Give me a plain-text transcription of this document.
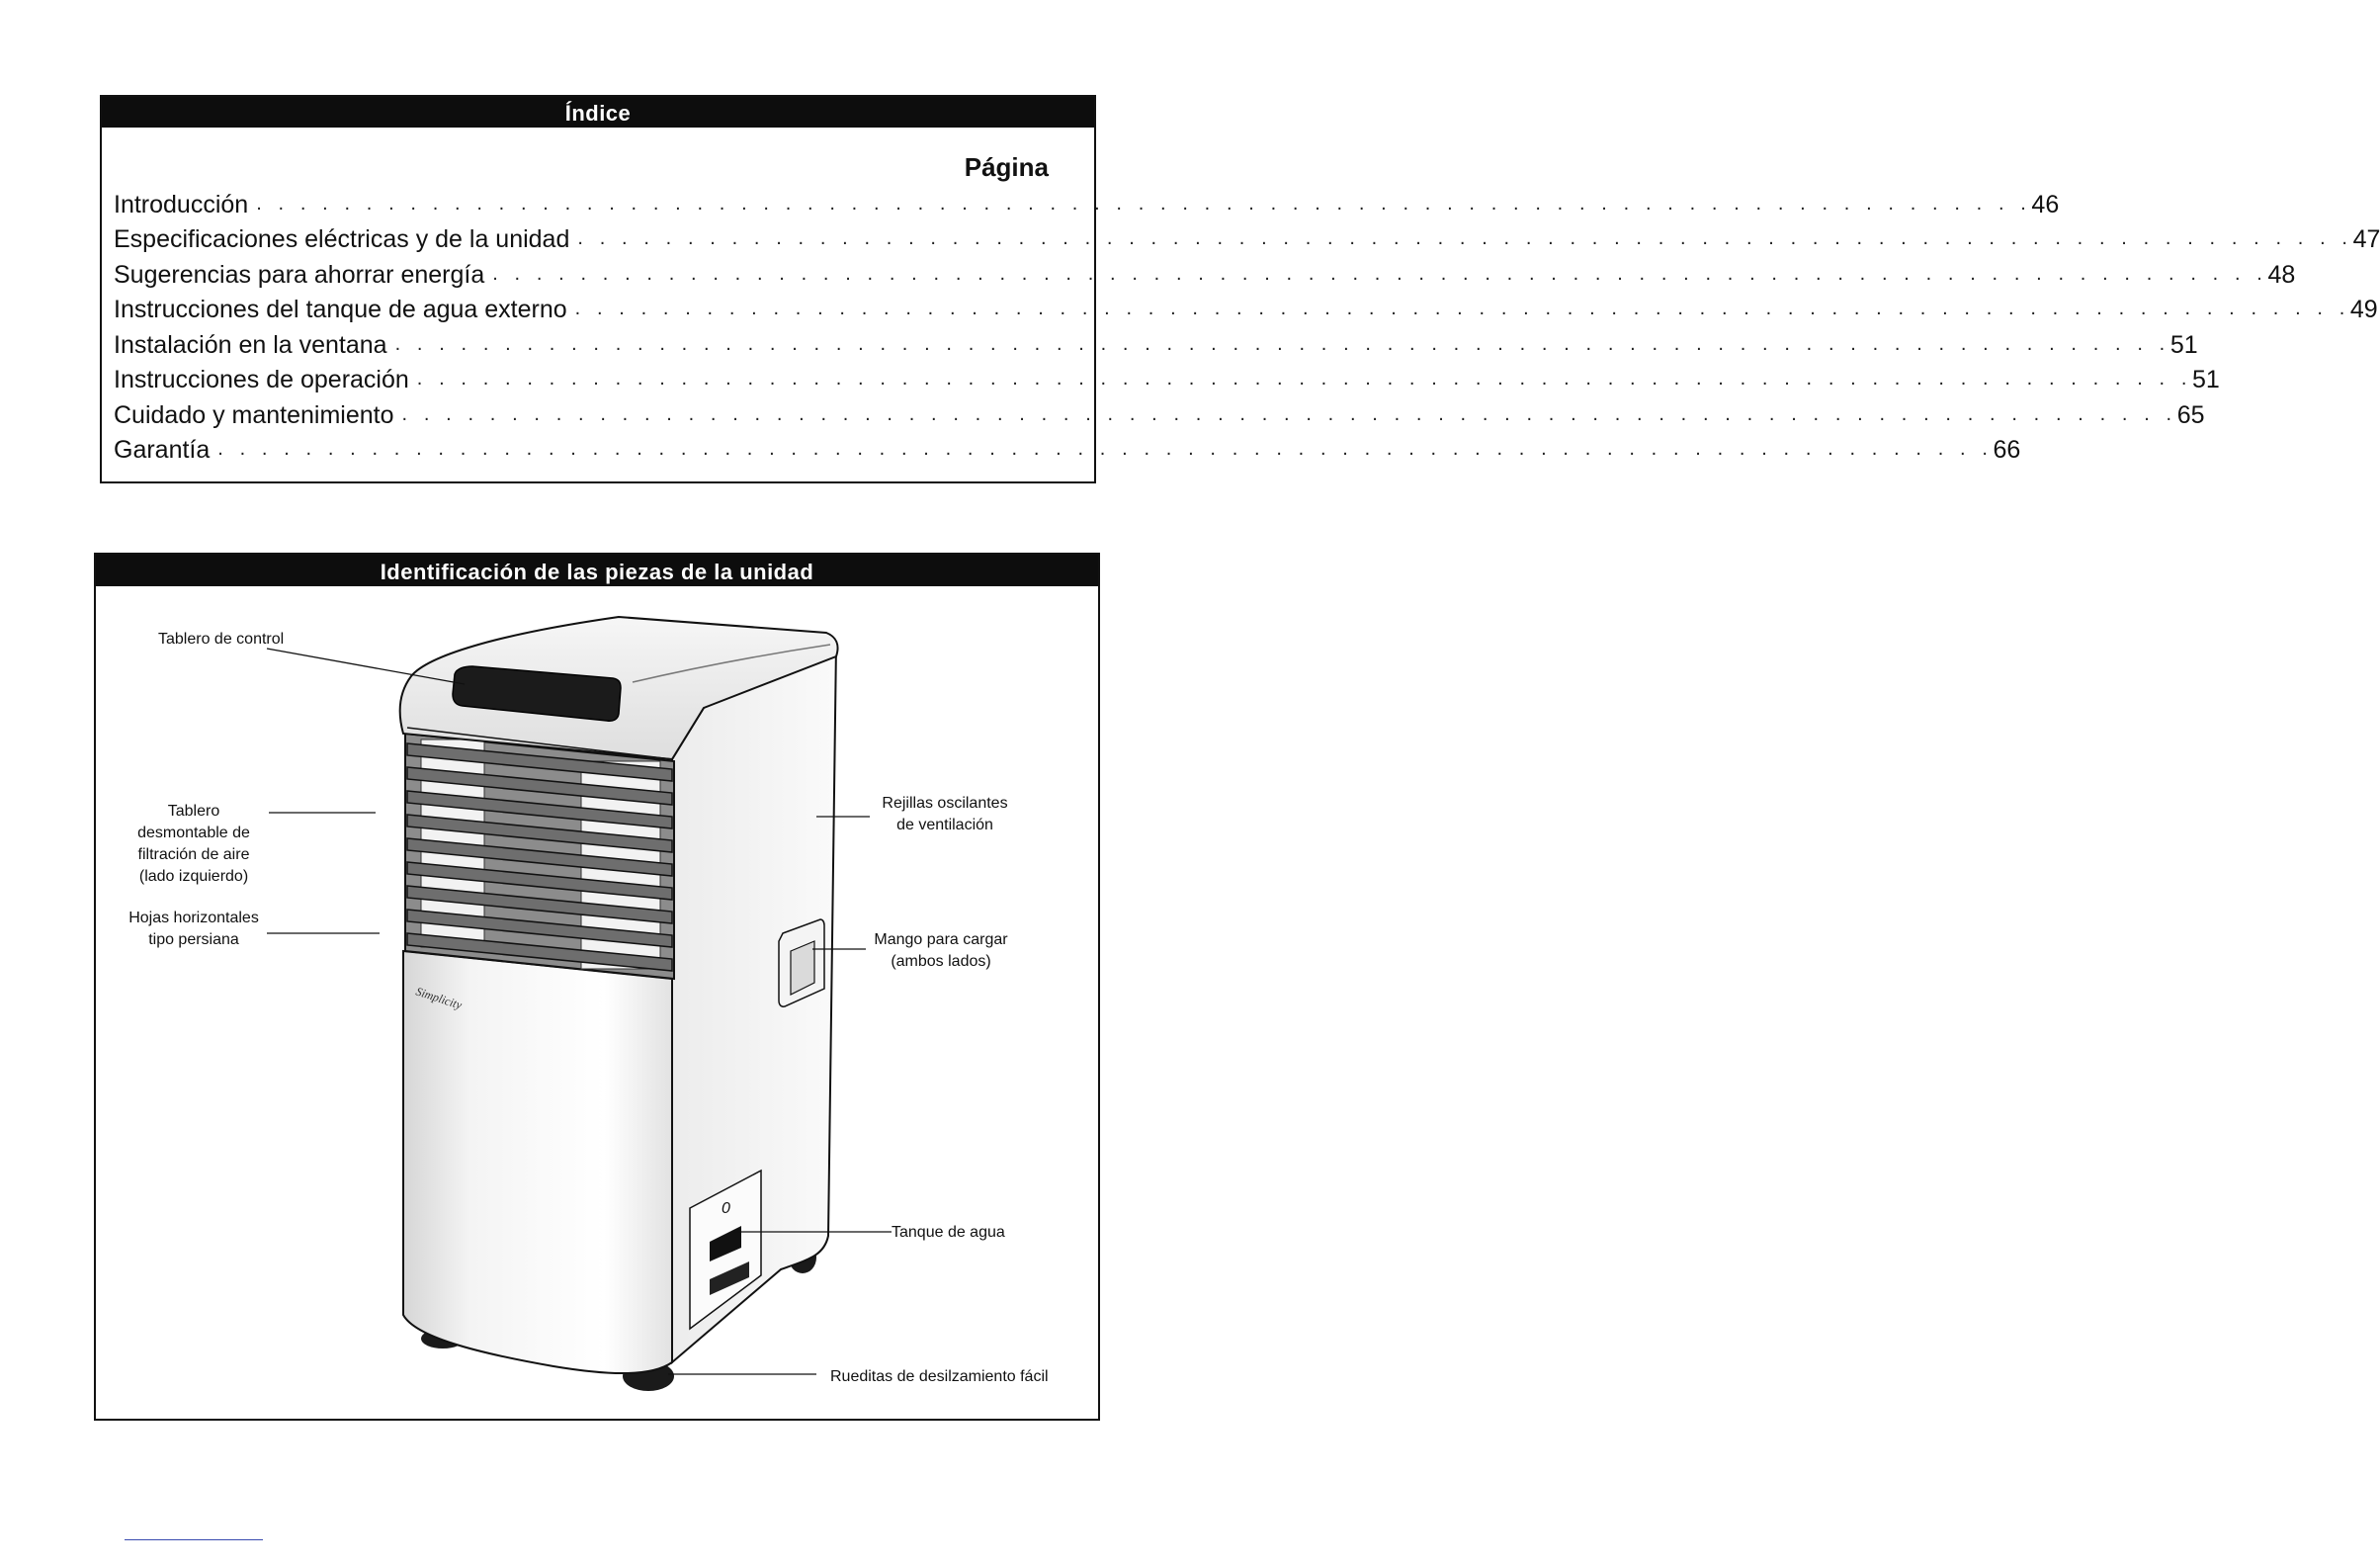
Índice
Página
Introducción . . . . . . . . . . . . . . . . . . . . . . . . . . . . . . . . . . . . . . . . . . . . . . . . . . . . . . . . . . . . . . . . . . . . . . . . . . . . . . . . . 46
Especificaciones eléctricas y de la unidad . . . . . . . . . . . . . . . . . . . . . . . . . . . . . . . . . . . . . . . . . . . . . . . . . . . . . . . . . . . . . . . . . . . . . . . . . . . . . . . . . 47
Sugerencias para ahorrar energía . . . . . . . . . . . . . . . . . . . . . . . . . . . . . . . . . . . . . . . . . . . . . . . . . . . . . . . . . . . . . . . . . . . . . . . . . . . . . . . . . 48
Instrucciones del tanque de agua externo . . . . . . . . . . . . . . . . . . . . . . . . . . . . . . . . . . . . . . . . . . . . . . . . . . . . . . . . . . . . . . . . . . . . . . . . . . . . . . . . . 49
Instalación en la ventana . . . . . . . . . . . . . . . . . . . . . . . . . . . . . . . . . . . . . . . . . . . . . . . . . . . . . . . . . . . . . . . . . . . . . . . . . . . . . . . . . 51
Instrucciones de operación . . . . . . . . . . . . . . . . . . . . . . . . . . . . . . . . . . . . . . . . . . . . . . . . . . . . . . . . . . . . . . . . . . . . . . . . . . . . . . . . . 51
Cuidado y mantenimiento . . . . . . . . . . . . . . . . . . . . . . . . . . . . . . . . . . . . . . . . . . . . . . . . . . . . . . . . . . . . . . . . . . . . . . . . . . . . . . . . . 65
Garantía . . . . . . . . . . . . . . . . . . . . . . . . . . . . . . . . . . . . . . . . . . . . . . . . . . . . . . . . . . . . . . . . . . . . . . . . . . . . . . . . . 66
Identificación de las piezas de la unidad
0
Simplicity
Tablero de control
Tablero
desmontable de
filtración de aire
(lado izquierdo)
Hojas horizontales
tipo persiana
Rejillas oscilantes
de ventilación
Mango para cargar
(ambos lados)
Tanque de agua
Rueditas de desilzamiento fácil
